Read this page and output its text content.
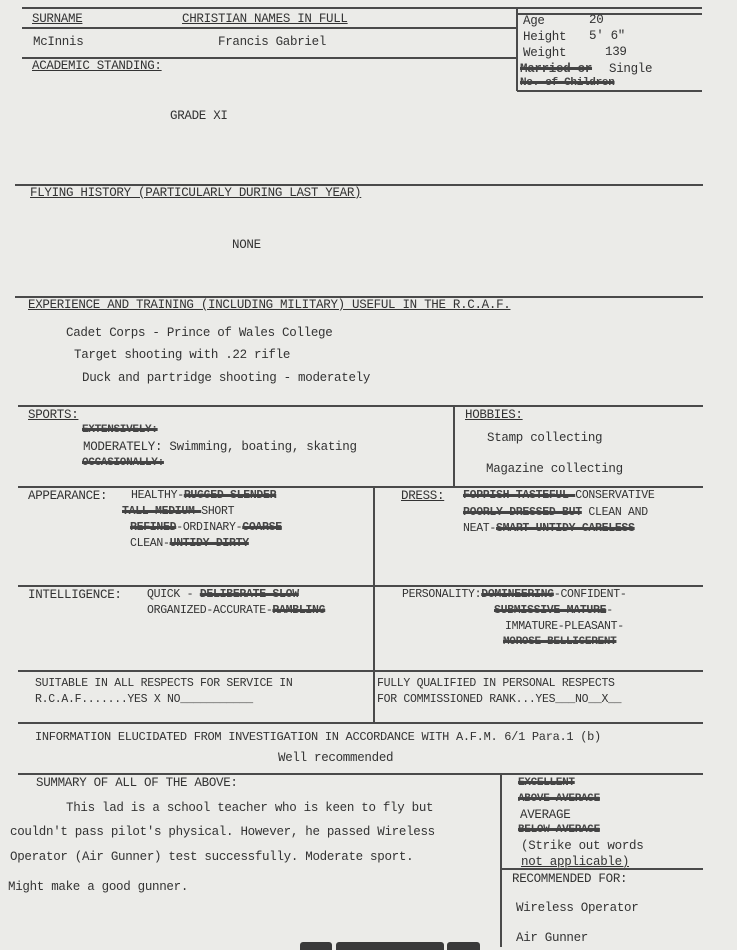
SURNAME	CHRISTIAN NAMES IN FULL
McInnis	Francis Gabriel
Age	20
Height 5' 6"
Weight	139
Married or Single
No. of Children
ACADEMIC STANDING:
GRADE XI
FLYING HISTORY (PARTICULARLY DURING LAST YEAR)
NONE
EXPERIENCE AND TRAINING (INCLUDING MILITARY) USEFUL IN THE R.C.A.F.
Cadet Corps - Prince of Wales College
Target shooting with .22 rifle
Duck and partridge shooting - moderately
SPORTS:
EXTENSIVELY:
MODERATELY: Swimming, boating, skating
OCCASIONALLY:
HOBBIES:
Stamp collecting
Magazine collecting
APPEARANCE: HEALTHY-RUGGED-SLENDER
TALL-MEDIUM-SHORT
REFINED-ORDINARY-COARSE
CLEAN-UNTIDY-DIRTY
DRESS: FOPPISH-TASTEFUL-CONSERVATIVE
POORLY DRESSED BUT CLEAN AND
NEAT-SMART-UNTIDY-CARELESS
INTELLIGENCE: QUICK - DELIBERATE-SLOW
ORGANIZED-ACCURATE-RAMBLING
PERSONALITY:DOMINEERING-CONFIDENT-
SUBMISSIVE-MATURE-
IMMATURE-PLEASANT-
MOROSE-BELLIGERENT
SUITABLE IN ALL RESPECTS FOR SERVICE IN
R.C.A.F.......YES X NO___________
FULLY QUALIFIED IN PERSONAL RESPECTS
FOR COMMISSIONED RANK...YES___NO__X__
INFORMATION ELUCIDATED FROM INVESTIGATION IN ACCORDANCE WITH A.F.M. 6/1 Para.1 (b)
Well recommended
SUMMARY OF ALL OF THE ABOVE:
This lad is a school teacher who is keen to fly but
couldn't pass pilot's physical. However, he passed Wireless
Operator (Air Gunner) test successfully. Moderate sport.
Might make a good gunner.
EXCELLENT
ABOVE AVERAGE
AVERAGE
BELOW AVERAGE
(Strike out words
not applicable)
RECOMMENDED FOR:
Wireless Operator
Air Gunner
